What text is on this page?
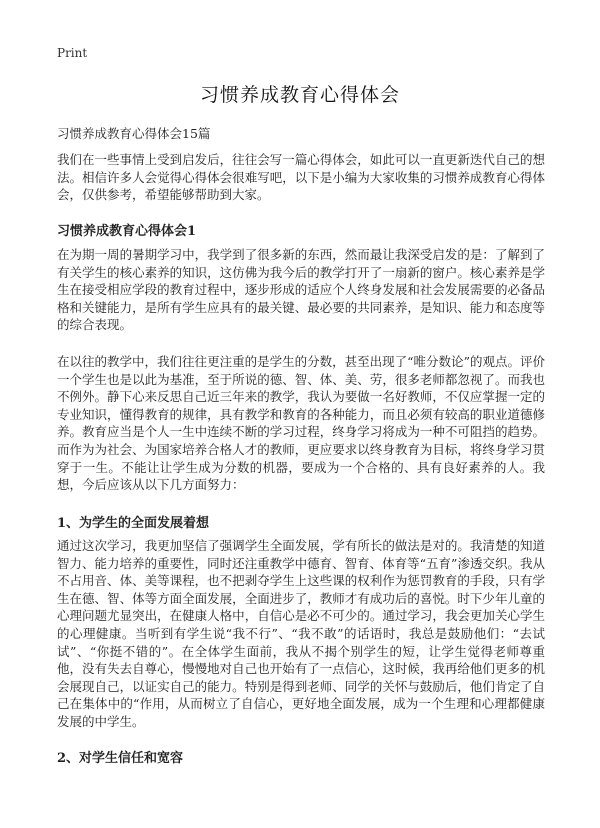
Print
习惯养成教育心得体会
习惯养成教育心得体会15篇

我们在一些事情上受到启发后，往往会写一篇心得体会，如此可以一直更新迭代自己的想法。相信许多人会觉得心得体会很难写吧，以下是小编为大家收集的习惯养成教育心得体会，仅供参考，希望能够帮助到大家。

习惯养成教育心得体会1

在为期一周的暑期学习中，我学到了很多新的东西，然而最让我深受启发的是：了解到了有关学生的核心素养的知识，这仿佛为我今后的教学打开了一扇新的窗户。核心素养是学生在接受相应学段的教育过程中，逐步形成的适应个人终身发展和社会发展需要的必备品格和关键能力，是所有学生应具有的最关键、最必要的共同素养，是知识、能力和态度等的综合表现。

在以往的教学中，我们往往更注重的是学生的分数，甚至出现了“唯分数论”的观点。评价一个学生也是以此为基准，至于所说的德、智、体、美、劳，很多老师都忽视了。而我也不例外。静下心来反思自己近三年来的教学，我认为要做一名好教师，不仅应掌握一定的专业知识，懂得教育的规律，具有教学和教育的各种能力，而且必须有较高的职业道德修养。教育应当是个人一生中连续不断的学习过程，终身学习将成为一种不可阻挡的趋势。而作为为社会、为国家培养合格人才的教师，更应要求以终身教育为目标，将终身学习贯穿于一生。不能让让学生成为分数的机器，要成为一个合格的、具有良好素养的人。我想，今后应该从以下几方面努力：

1、为学生的全面发展着想

通过这次学习，我更加坚信了强调学生全面发展，学有所长的做法是对的。我清楚的知道智力、能力培养的重要性，同时还注重教学中德育、智育、体育等“五育”渗透交织。我从不占用音、体、美等课程，也不把剥夺学生上这些课的权利作为惩罚教育的手段，只有学生在德、智、体等方面全面发展，全面进步了，教师才有成功后的喜悦。时下少年儿童的心理问题尤显突出，在健康人格中，自信心是必不可少的。通过学习，我会更加关心学生的心理健康。当听到有学生说“我不行”、“我不敢”的话语时，我总是鼓励他们：“去试试”、“你挺不错的”。在全体学生面前，我从不揭个别学生的短，让学生觉得老师尊重他，没有失去自尊心，慢慢地对自己也开始有了一点信心，这时候，我再给他们更多的机会展现自己，以证实自己的能力。特别是得到老师、同学的关怀与鼓励后，他们肯定了自己在集体中的“作用，从而树立了自信心，更好地全面发展，成为一个生理和心理都健康发展的中学生。

2、对学生信任和宽容
